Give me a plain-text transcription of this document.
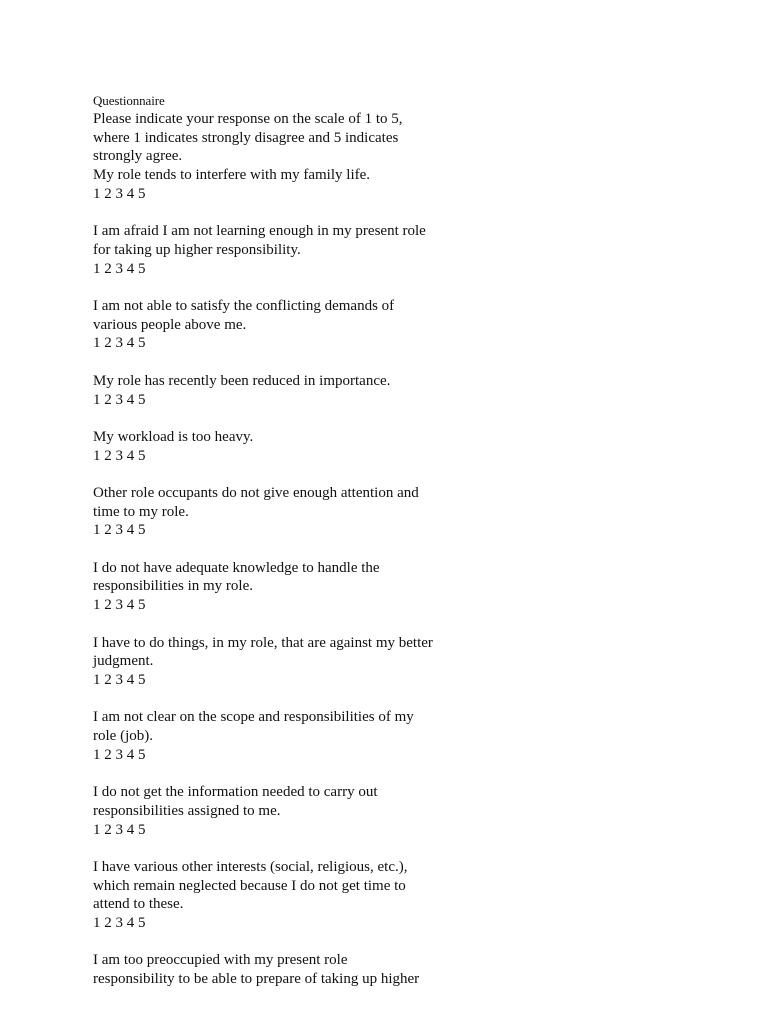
Questionnaire
Please indicate your response on the scale of 1 to 5,
where 1 indicates strongly disagree and 5 indicates
strongly agree.
My role tends to interfere with my family life.
1 2 3 4 5
I am afraid I am not learning enough in my present role
for taking up higher responsibility.
1 2 3 4 5
I am not able to satisfy the conflicting demands of
various people above me.
1 2 3 4 5
My role has recently been reduced in importance.
1 2 3 4 5
My workload is too heavy.
1 2 3 4 5
Other role occupants do not give enough attention and
time to my role.
1 2 3 4 5
I do not have adequate knowledge to handle the
responsibilities in my role.
1 2 3 4 5
I have to do things, in my role, that are against my better
judgment.
1 2 3 4 5
I am not clear on the scope and responsibilities of my
role (job).
1 2 3 4 5
I do not get the information needed to carry out
responsibilities assigned to me.
1 2 3 4 5
I have various other interests (social, religious, etc.),
which remain neglected because I do not get time to
attend to these.
1 2 3 4 5
I am too preoccupied with my present role
responsibility to be able to prepare of taking up higher
